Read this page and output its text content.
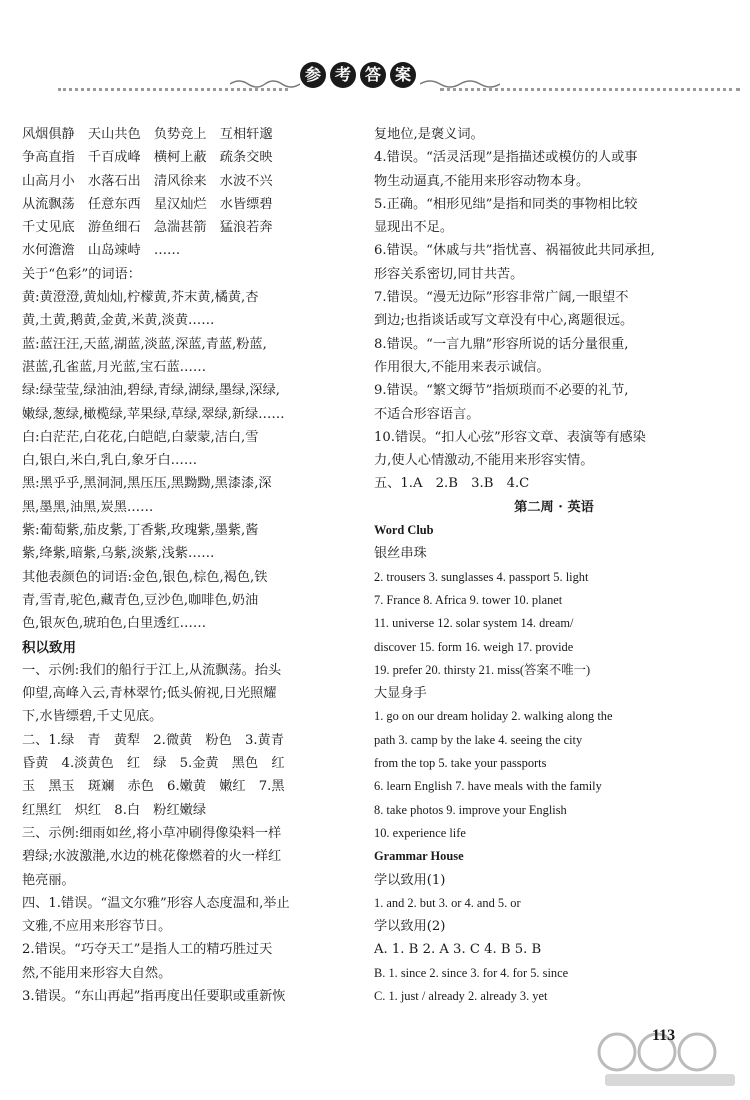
参 考 答 案
风烟俱静　天山共色　负势竞上　互相轩邈
争高直指　千百成峰　横柯上蔽　疏条交映
山高月小　水落石出　清风徐来　水波不兴
从流飘荡　任意东西　星汉灿烂　水皆缥碧
千丈见底　游鱼细石　急湍甚箭　猛浪若奔
水何澹澹　山岛竦峙　……
关于“色彩”的词语：
黄:黄澄澄,黄灿灿,柠檬黄,芥末黄,橘黄,杏
黄,土黄,鹅黄,金黄,米黄,淡黄……
蓝:蓝汪汪,天蓝,湖蓝,淡蓝,深蓝,青蓝,粉蓝,
湛蓝,孔雀蓝,月光蓝,宝石蓝……
绿:绿莹莹,绿油油,碧绿,青绿,湖绿,墨绿,深绿,
嫩绿,葱绿,橄榄绿,苹果绿,草绿,翠绿,新绿……
白:白茫茫,白花花,白皑皑,白蒙蒙,洁白,雪
白,银白,米白,乳白,象牙白……
黑:黑乎乎,黑洞洞,黑压压,黑黝黝,黑漆漆,深
黑,墨黑,油黑,炭黑……
紫:葡萄紫,茄皮紫,丁香紫,玫瑰紫,墨紫,酱
紫,绛紫,暗紫,乌紫,淡紫,浅紫……
其他表颜色的词语:金色,银色,棕色,褐色,铁
青,雪青,驼色,藏青色,豆沙色,咖啡色,奶油
色,银灰色,琥珀色,白里透红……
积以致用
一、示例:我们的船行于江上,从流飘荡。抬头
仰望,高峰入云,青林翠竹;低头俯视,日光照耀
下,水皆缥碧,千丈见底。
二、1.绿　青　黄犁　2.微黄　粉色　3.黄青
昏黄　4.淡黄色　红　绿　5.金黄　黑色　红
玉　黑玉　斑斓　赤色　6.嫩黄　嫩红　7.黑
红黑红　炽红　8.白　粉红嫩绿
三、示例:细雨如丝,将小草冲刷得像染料一样
碧绿;水波激滟,水边的桃花像燃着的火一样红
艳亮丽。
四、1.错误。“温文尔雅”形容人态度温和,举止
文雅,不应用来形容节日。
2.错误。“巧夺天工”是指人工的精巧胜过天
然,不能用来形容大自然。
3.错误。“东山再起”指再度出任要职或重新恢
复地位,是褒义词。
4.错误。“活灵活现”是指描述或模仿的人或事
物生动逼真,不能用来形容动物本身。
5.正确。“相形见绌”是指和同类的事物相比较
显现出不足。
6.错误。“休戚与共”指忧喜、祸福彼此共同承担,
形容关系密切,同甘共苦。
7.错误。“漫无边际”形容非常广阔,一眼望不
到边;也指谈话或写文章没有中心,离题很远。
8.错误。“一言九鼎”形容所说的话分量很重,
作用很大,不能用来表示诚信。
9.错误。“繁文缛节”指烦琐而不必要的礼节,
不适合形容语言。
10.错误。“扣人心弦”形容文章、表演等有感染
力,使人心情激动,不能用来形容实情。
五、1.A　2.B　3.B　4.C
第二周 · 英语
Word Club
银丝串珠
2. trousers 3. sunglasses 4. passport 5. light
7. France 8. Africa 9. tower 10. planet
11. universe 12. solar system 14. dream/
discover 15. form 16. weigh 17. provide
19. prefer 20. thirsty 21. miss(答案不唯一)
大显身手
1. go on our dream holiday 2. walking along the
path 3. camp by the lake 4. seeing the city
from the top 5. take your passports
6. learn English 7. have meals with the family
8. take photos 9. improve your English
10. experience life
Grammar House
学以致用(1)
1. and 2. but 3. or 4. and 5. or
学以致用(2)
A. 1. B 2. A 3. C 4. B 5. B
B. 1. since 2. since 3. for 4. for 5. since
C. 1. just / already 2. already 3. yet
113
